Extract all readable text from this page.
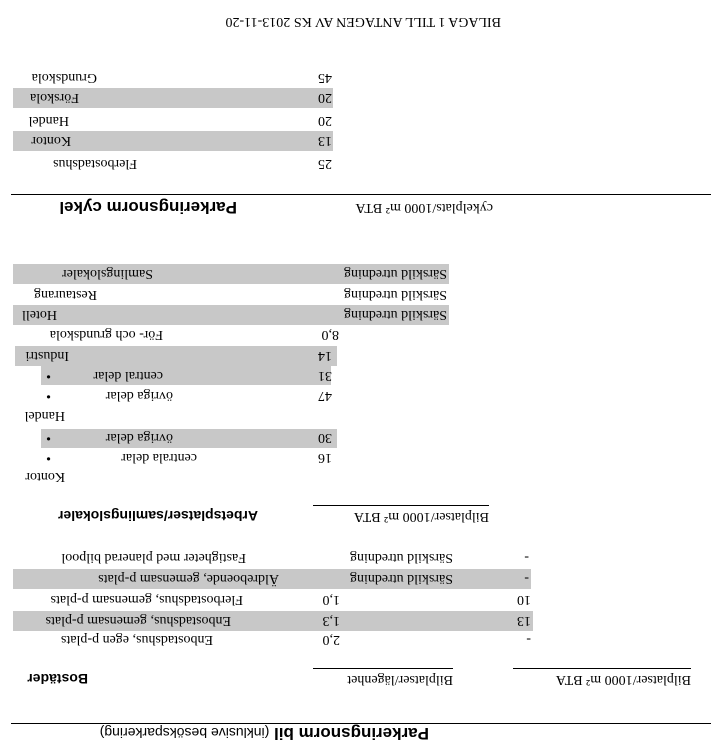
BILAGA 1 TILL ANTAGEN AV KS 2013-11-20
Parkeringsnorm bil (inklusive besöksparkering)
Bostäder	Bilplatser/lägenhet	Bilplatser/1000 m² BTA
Enbostadshus, egen p-plats	2,0	-
Enbostadshus, gemensam p-plats	1,3	13
Flerbostadshus, gemensam p-plats	1,0	10
Äldreboende, gemensam p-plats	Särskild utredning	-
Fastigheter med planerad bilpool	Särskild utredning	-
Arbetsplatser/samlingslokaler	Bilplatser/1000 m² BTA
Kontor
•	centrala delar	16
•	övriga delar	30
Handel
•	övriga delar	47
•	central delar	31
Industri	14
För- och grundskola	8,0
Hotell	Särskild utredning
Restaurang	Särskild utredning
Samlingslokaler	Särskild utredning
Parkeringsnorm cykel	cykelplats/1000 m² BTA
Flerbostadshus	25
Kontor	13
Handel	20
Förskola	20
Grundskola	45
